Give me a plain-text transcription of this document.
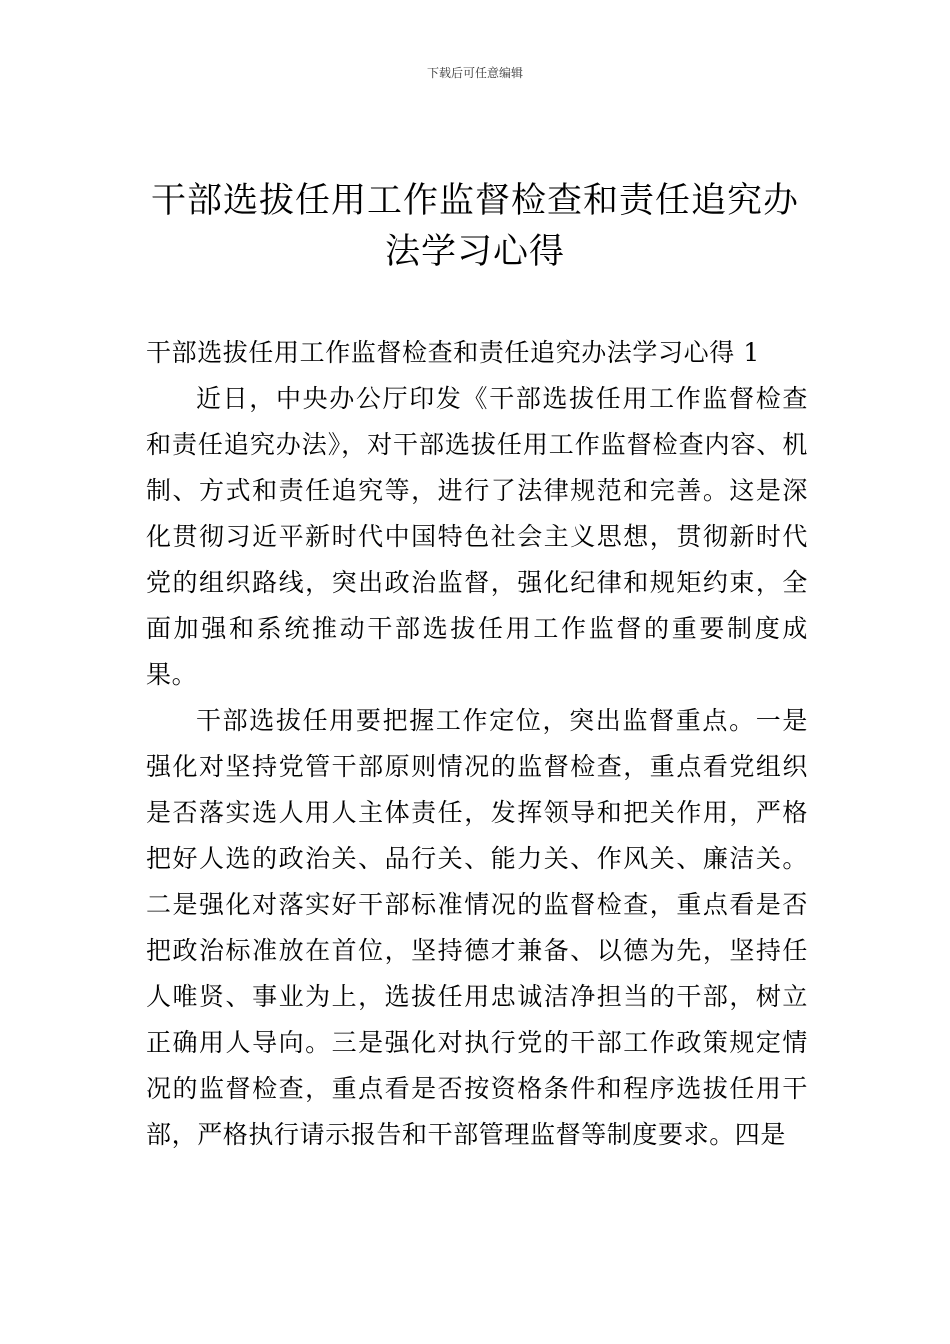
下载后可任意编辑
干部选拔任用工作监督检查和责任追究办法学习心得
干部选拔任用工作监督检查和责任追究办法学习心得 1

近日，中央办公厅印发《干部选拔任用工作监督检查和责任追究办法》，对干部选拔任用工作监督检查内容、机制、方式和责任追究等，进行了法律规范和完善。这是深化贯彻习近平新时代中国特色社会主义思想，贯彻新时代党的组织路线，突出政治监督，强化纪律和规矩约束，全面加强和系统推动干部选拔任用工作监督的重要制度成果。

干部选拔任用要把握工作定位，突出监督重点。一是强化对坚持党管干部原则情况的监督检查，重点看党组织是否落实选人用人主体责任，发挥领导和把关作用，严格把好人选的政治关、品行关、能力关、作风关、廉洁关。二是强化对落实好干部标准情况的监督检查，重点看是否把政治标准放在首位，坚持德才兼备、以德为先，坚持任人唯贤、事业为上，选拔任用忠诚洁净担当的干部，树立正确用人导向。三是强化对执行党的干部工作政策规定情况的监督检查，重点看是否按资格条件和程序选拔任用干部，严格执行请示报告和干部管理监督等制度要求。四是
